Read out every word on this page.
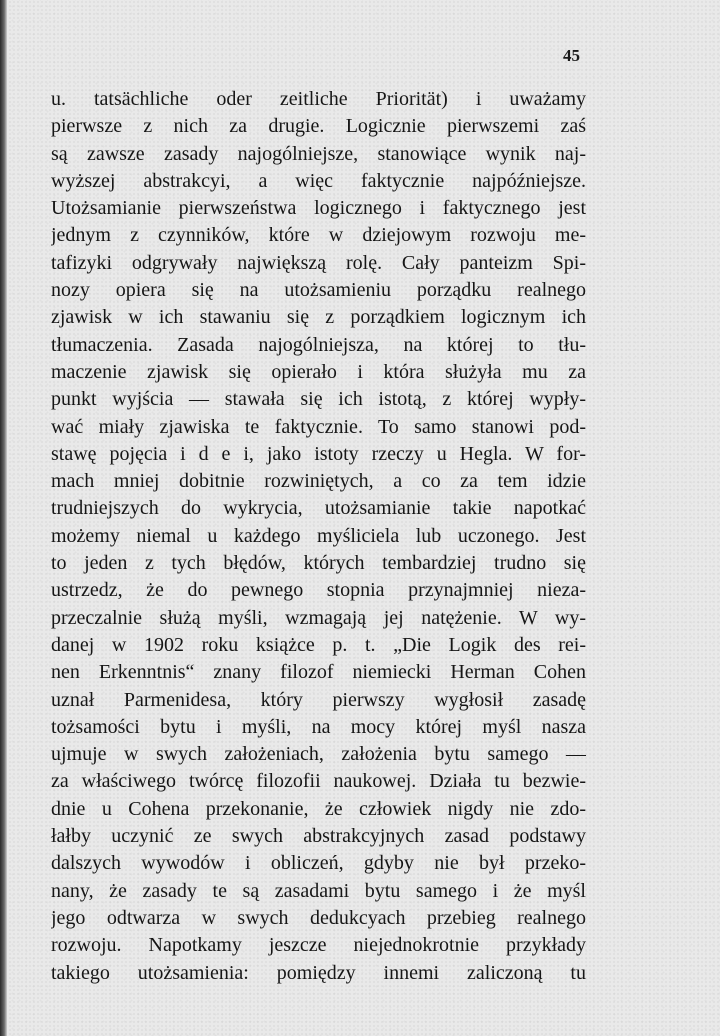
45
u. tatsächliche oder zeitliche Priorität) i uważamy
pierwsze z nich za drugie. Logicznie pierwszemi zaś
są zawsze zasady najogólniejsze, stanowiące wynik naj-
wyższej abstrakcyi, a więc faktycznie najpóźniejsze.
Utożsamianie pierwszeństwa logicznego i faktycznego jest
jednym z czynników, które w dziejowym rozwoju me-
tafizyki odgrywały największą rolę. Cały panteizm Spi-
nozy opiera się na utożsamieniu porządku realnego
zjawisk w ich stawaniu się z porządkiem logicznym ich
tłumaczenia. Zasada najogólniejsza, na której to tłu-
maczenie zjawisk się opierało i która służyła mu za
punkt wyjścia — stawała się ich istotą, z której wypły-
wać miały zjawiska te faktycznie. To samo stanowi pod-
stawę pojęcia i d e i, jako istoty rzeczy u Hegla. W for-
mach mniej dobitnie rozwiniętych, a co za tem idzie
trudniejszych do wykrycia, utożsamianie takie napotkać
możemy niemal u każdego myśliciela lub uczonego. Jest
to jeden z tych błędów, których tembardziej trudno się
ustrzedz, że do pewnego stopnia przynajmniej nieza-
przeczalnie służą myśli, wzmagają jej natężenie. W wy-
danej w 1902 roku książce p. t. „Die Logik des rei-
nen Erkenntnis“ znany filozof niemiecki Herman Cohen
uznał Parmenidesa, który pierwszy wygłosił zasadę
tożsamości bytu i myśli, na mocy której myśl nasza
ujmuje w swych założeniach, założenia bytu samego —
za właściwego twórcę filozofii naukowej. Działa tu bezwie-
dnie u Cohena przekonanie, że człowiek nigdy nie zdo-
łałby uczynić ze swych abstrakcyjnych zasad podstawy
dalszych wywodów i obliczeń, gdyby nie był przeko-
nany, że zasady te są zasadami bytu samego i że myśl
jego odtwarza w swych dedukcyach przebieg realnego
rozwoju. Napotkamy jeszcze niejednokrotnie przykłady
takiego utożsamienia: pomiędzy innemi zaliczoną tu
